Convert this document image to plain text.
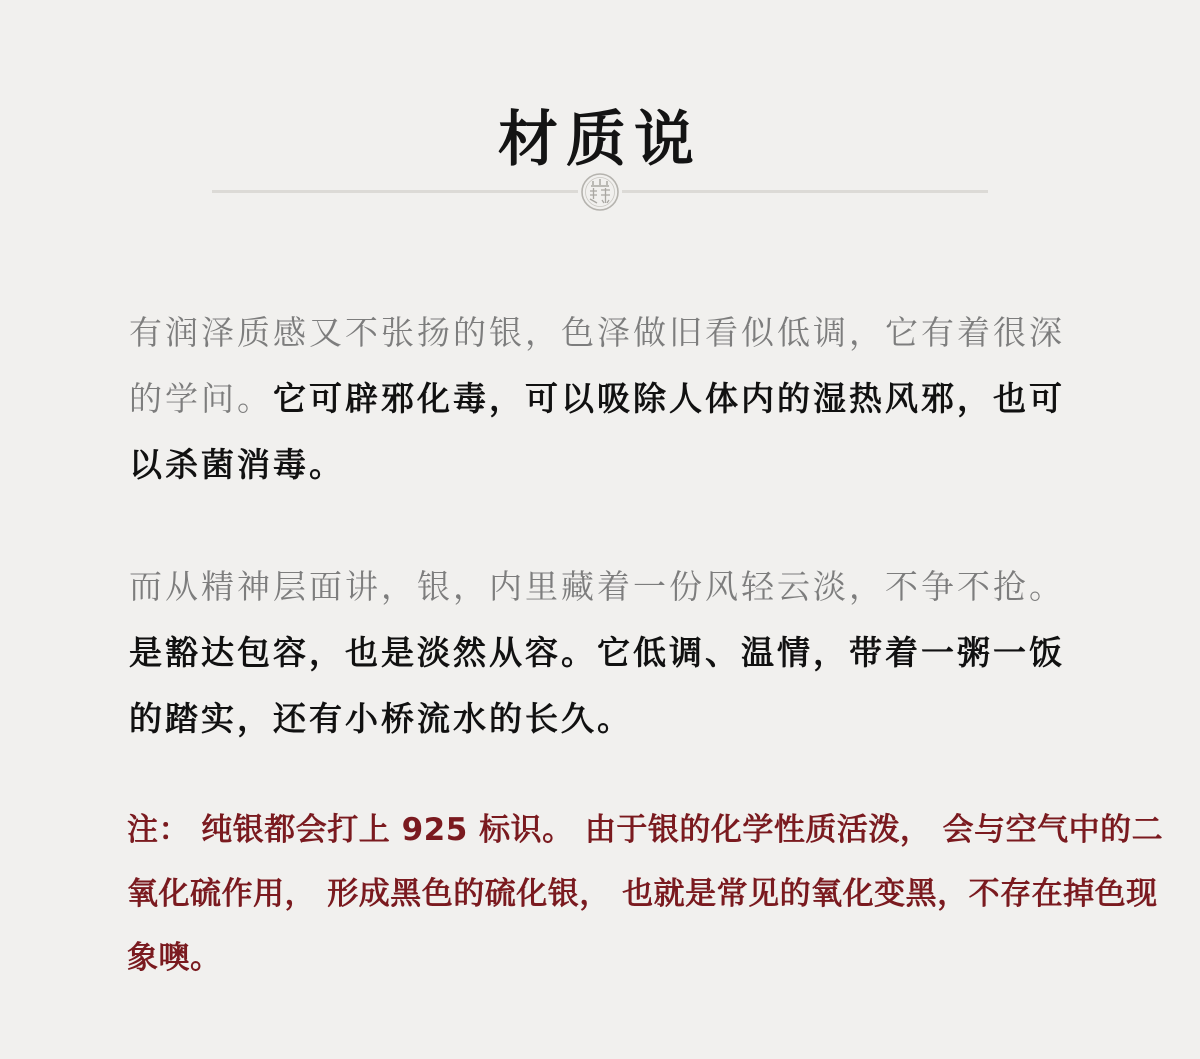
材质说

有润泽质感又不张扬的银，色泽做旧看似低调，它有着很深的学问。它可辟邪化毒，可以吸除人体内的湿热风邪，也可以杀菌消毒。

而从精神层面讲，银，内里藏着一份风轻云淡，不争不抢。是豁达包容，也是淡然从容。它低调、温情，带着一粥一饭的踏实，还有小桥流水的长久。

注： 纯银都会打上 925 标识。 由于银的化学性质活泼， 会与空气中的二氧化硫作用， 形成黑色的硫化银， 也就是常见的氧化变黑，不存在掉色现象噢。
